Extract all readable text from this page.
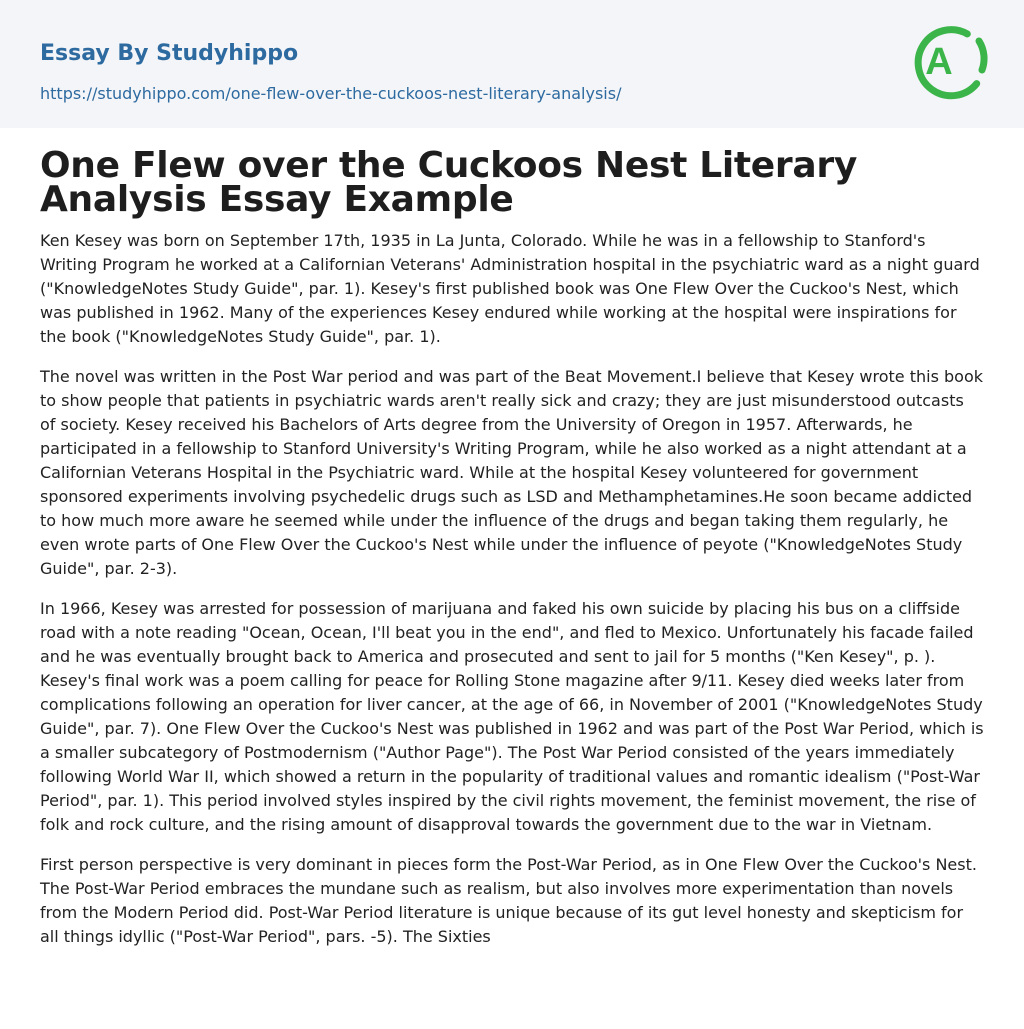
Essay By Studyhippo
https://studyhippo.com/one-flew-over-the-cuckoos-nest-literary-analysis/
A
One Flew over the Cuckoos Nest Literary Analysis Essay Example

Ken Kesey was born on September 17th, 1935 in La Junta, Colorado. While he was in a fellowship to Stanford's Writing Program he worked at a Californian Veterans' Administration hospital in the psychiatric ward as a night guard ("KnowledgeNotes Study Guide", par. 1). Kesey's first published book was One Flew Over the Cuckoo's Nest, which was published in 1962. Many of the experiences Kesey endured while working at the hospital were inspirations for the book ("KnowledgeNotes Study Guide", par. 1).

The novel was written in the Post War period and was part of the Beat Movement.I believe that Kesey wrote this book to show people that patients in psychiatric wards aren't really sick and crazy; they are just misunderstood outcasts of society. Kesey received his Bachelors of Arts degree from the University of Oregon in 1957. Afterwards, he participated in a fellowship to Stanford University's Writing Program, while he also worked as a night attendant at a Californian Veterans Hospital in the Psychiatric ward. While at the hospital Kesey volunteered for government sponsored experiments involving psychedelic drugs such as LSD and Methamphetamines.He soon became addicted to how much more aware he seemed while under the influence of the drugs and began taking them regularly, he even wrote parts of One Flew Over the Cuckoo's Nest while under the influence of peyote ("KnowledgeNotes Study Guide", par. 2-3).

In 1966, Kesey was arrested for possession of marijuana and faked his own suicide by placing his bus on a cliffside road with a note reading "Ocean, Ocean, I'll beat you in the end", and fled to Mexico. Unfortunately his facade failed and he was eventually brought back to America and prosecuted and sent to jail for 5 months ("Ken Kesey", p. ). Kesey's final work was a poem calling for peace for Rolling Stone magazine after 9/11. Kesey died weeks later from complications following an operation for liver cancer, at the age of 66, in November of 2001 ("KnowledgeNotes Study Guide", par. 7). One Flew Over the Cuckoo's Nest was published in 1962 and was part of the Post War Period, which is a smaller subcategory of Postmodernism ("Author Page"). The Post War Period consisted of the years immediately following World War II, which showed a return in the popularity of traditional values and romantic idealism ("Post-War Period", par. 1). This period involved styles inspired by the civil rights movement, the feminist movement, the rise of folk and rock culture, and the rising amount of disapproval towards the government due to the war in Vietnam.

First person perspective is very dominant in pieces form the Post-War Period, as in One Flew Over the Cuckoo's Nest. The Post-War Period embraces the mundane such as realism, but also involves more experimentation than novels from the Modern Period did. Post-War Period literature is unique because of its gut level honesty and skepticism for all things idyllic ("Post-War Period", pars. -5). The Sixties
